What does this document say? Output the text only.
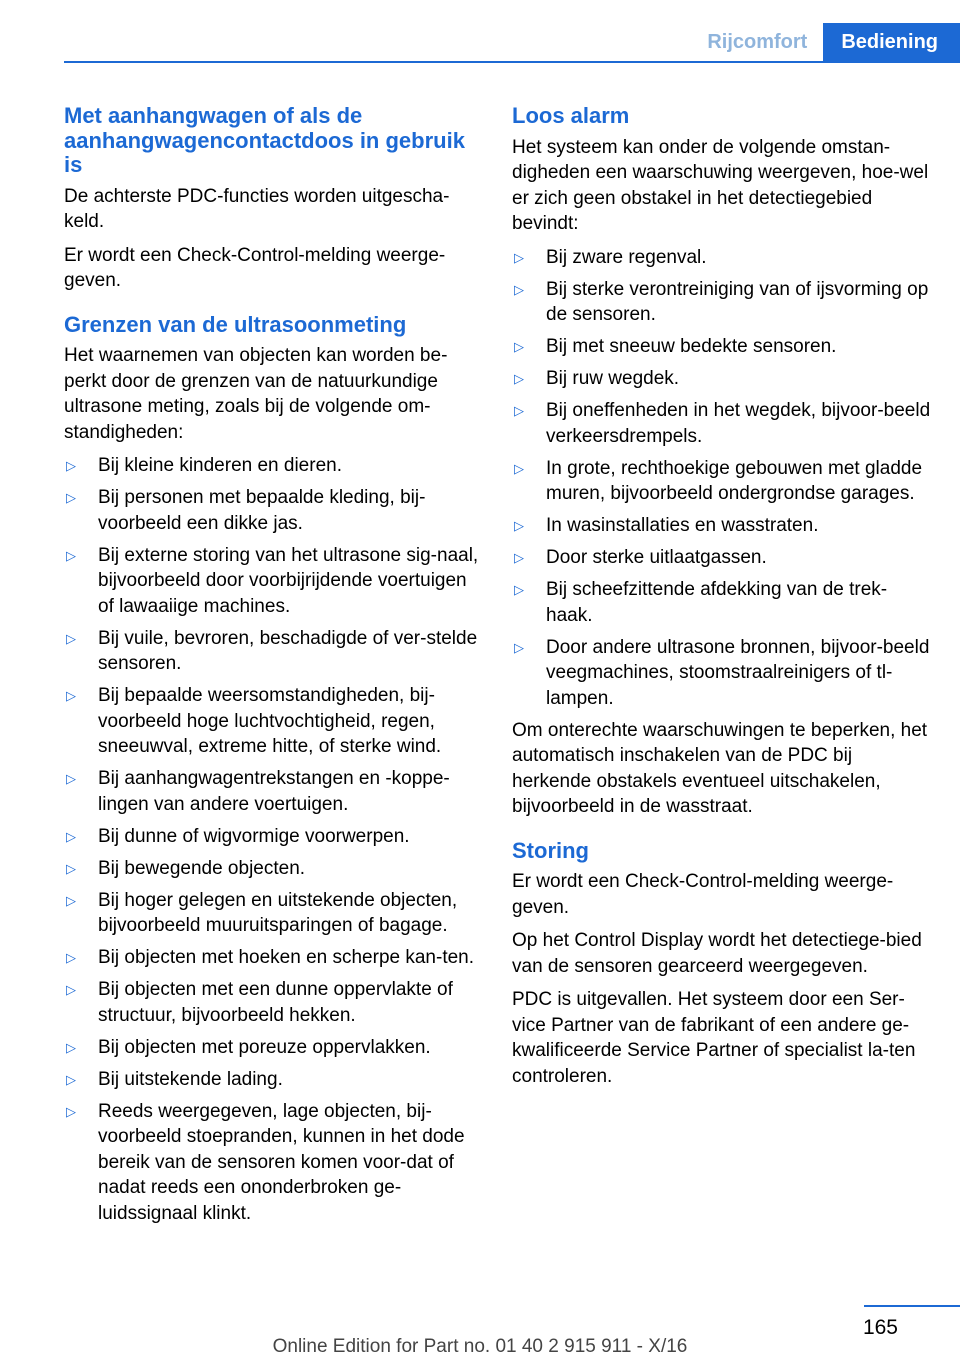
Rijcomfort	Bediening
Met aanhangwagen of als de aanhangwagencontactdoos in gebruik is

De achterste PDC-functies worden uitgescha‐keld.

Er wordt een Check-Control-melding weerge‐geven.

Grenzen van de ultrasoonmeting

Het waarnemen van objecten kan worden be‐perkt door de grenzen van de natuurkundige ultrasone meting, zoals bij de volgende om‐standigheden:

▷ Bij kleine kinderen en dieren.
▷ Bij personen met bepaalde kleding, bij‐voorbeeld een dikke jas.
▷ Bij externe storing van het ultrasone sig‐naal, bijvoorbeeld door voorbijrijdende voertuigen of lawaaiige machines.
▷ Bij vuile, bevroren, beschadigde of ver‐stelde sensoren.
▷ Bij bepaalde weersomstandigheden, bij‐voorbeeld hoge luchtvochtigheid, regen, sneeuwval, extreme hitte, of sterke wind.
▷ Bij aanhangwagentrekstangen en -koppe‐lingen van andere voertuigen.
▷ Bij dunne of wigvormige voorwerpen.
▷ Bij bewegende objecten.
▷ Bij hoger gelegen en uitstekende objecten, bijvoorbeeld muuruitsparingen of bagage.
▷ Bij objecten met hoeken en scherpe kan‐ten.
▷ Bij objecten met een dunne oppervlakte of structuur, bijvoorbeeld hekken.
▷ Bij objecten met poreuze oppervlakken.
▷ Bij uitstekende lading.
▷ Reeds weergegeven, lage objecten, bij‐voorbeeld stoepranden, kunnen in het dode bereik van de sensoren komen voor‐dat of nadat reeds een ononderbroken ge‐luidssignaal klinkt.
Loos alarm

Het systeem kan onder de volgende omstan‐digheden een waarschuwing weergeven, hoe‐wel er zich geen obstakel in het detectiegebied bevindt:

▷ Bij zware regenval.
▷ Bij sterke verontreiniging van of ijsvorming op de sensoren.
▷ Bij met sneeuw bedekte sensoren.
▷ Bij ruw wegdek.
▷ Bij oneffenheden in het wegdek, bijvoor‐beeld verkeersdrempels.
▷ In grote, rechthoekige gebouwen met gladde muren, bijvoorbeeld ondergrondse garages.
▷ In wasinstallaties en wasstraten.
▷ Door sterke uitlaatgassen.
▷ Bij scheefzittende afdekking van de trek‐haak.
▷ Door andere ultrasone bronnen, bijvoor‐beeld veegmachines, stoomstraalreinigers of tl-lampen.

Om onterechte waarschuwingen te beperken, het automatisch inschakelen van de PDC bij herkende obstakels eventueel uitschakelen, bijvoorbeeld in de wasstraat.

Storing

Er wordt een Check-Control-melding weerge‐geven.

Op het Control Display wordt het detectiege‐bied van de sensoren gearceerd weergegeven.

PDC is uitgevallen. Het systeem door een Ser‐vice Partner van de fabrikant of een andere ge‐kwalificeerde Service Partner of specialist la‐ten controleren.

165
Online Edition for Part no. 01 40 2 915 911 - X/16
